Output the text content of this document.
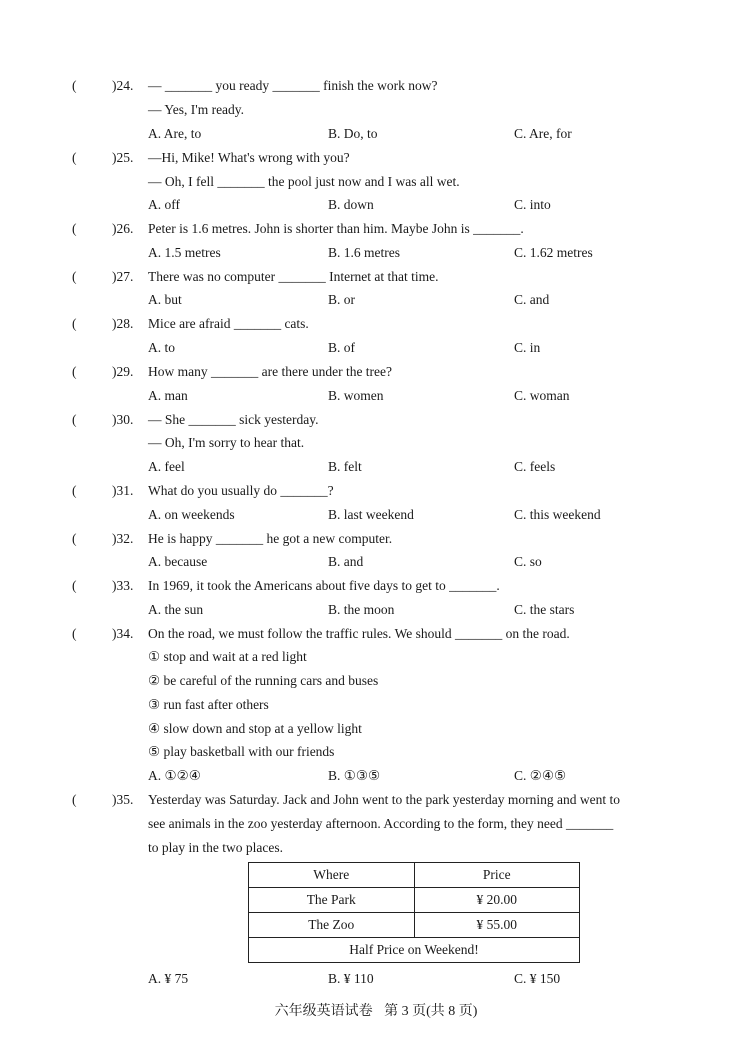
(	)24. — _______ you ready _______ finish the work now?
— Yes, I'm ready.
A. Are, to	B. Do, to	C. Are, for
(	)25. —Hi, Mike! What's wrong with you?
— Oh, I fell _______ the pool just now and I was all wet.
A. off	B. down	C. into
(	)26. Peter is 1.6 metres. John is shorter than him. Maybe John is _______.
A. 1.5 metres	B. 1.6 metres	C. 1.62 metres
(	)27. There was no computer _______ Internet at that time.
A. but	B. or	C. and
(	)28. Mice are afraid _______ cats.
A. to	B. of	C. in
(	)29. How many _______ are there under the tree?
A. man	B. women	C. woman
(	)30. — She _______ sick yesterday.
— Oh, I'm sorry to hear that.
A. feel	B. felt	C. feels
(	)31. What do you usually do _______?
A. on weekends	B. last weekend	C. this weekend
(	)32. He is happy _______ he got a new computer.
A. because	B. and	C. so
(	)33. In 1969, it took the Americans about five days to get to _______.
A. the sun	B. the moon	C. the stars
(	)34. On the road, we must follow the traffic rules. We should _______ on the road.
① stop and wait at a red light
② be careful of the running cars and buses
③ run fast after others
④ slow down and stop at a yellow light
⑤ play basketball with our friends
A. ①②④	B. ①③⑤	C. ②④⑤
(	)35. Yesterday was Saturday. Jack and John went to the park yesterday morning and went to
see animals in the zoo yesterday afternoon. According to the form, they need _______
to play in the two places.
A. ¥ 75	B. ¥ 110	C. ¥ 150
Where	Price
The Park	¥ 20.00
The Zoo	¥ 55.00
Half Price on Weekend!	
六年级英语试卷 第 3 页(共 8 页)
